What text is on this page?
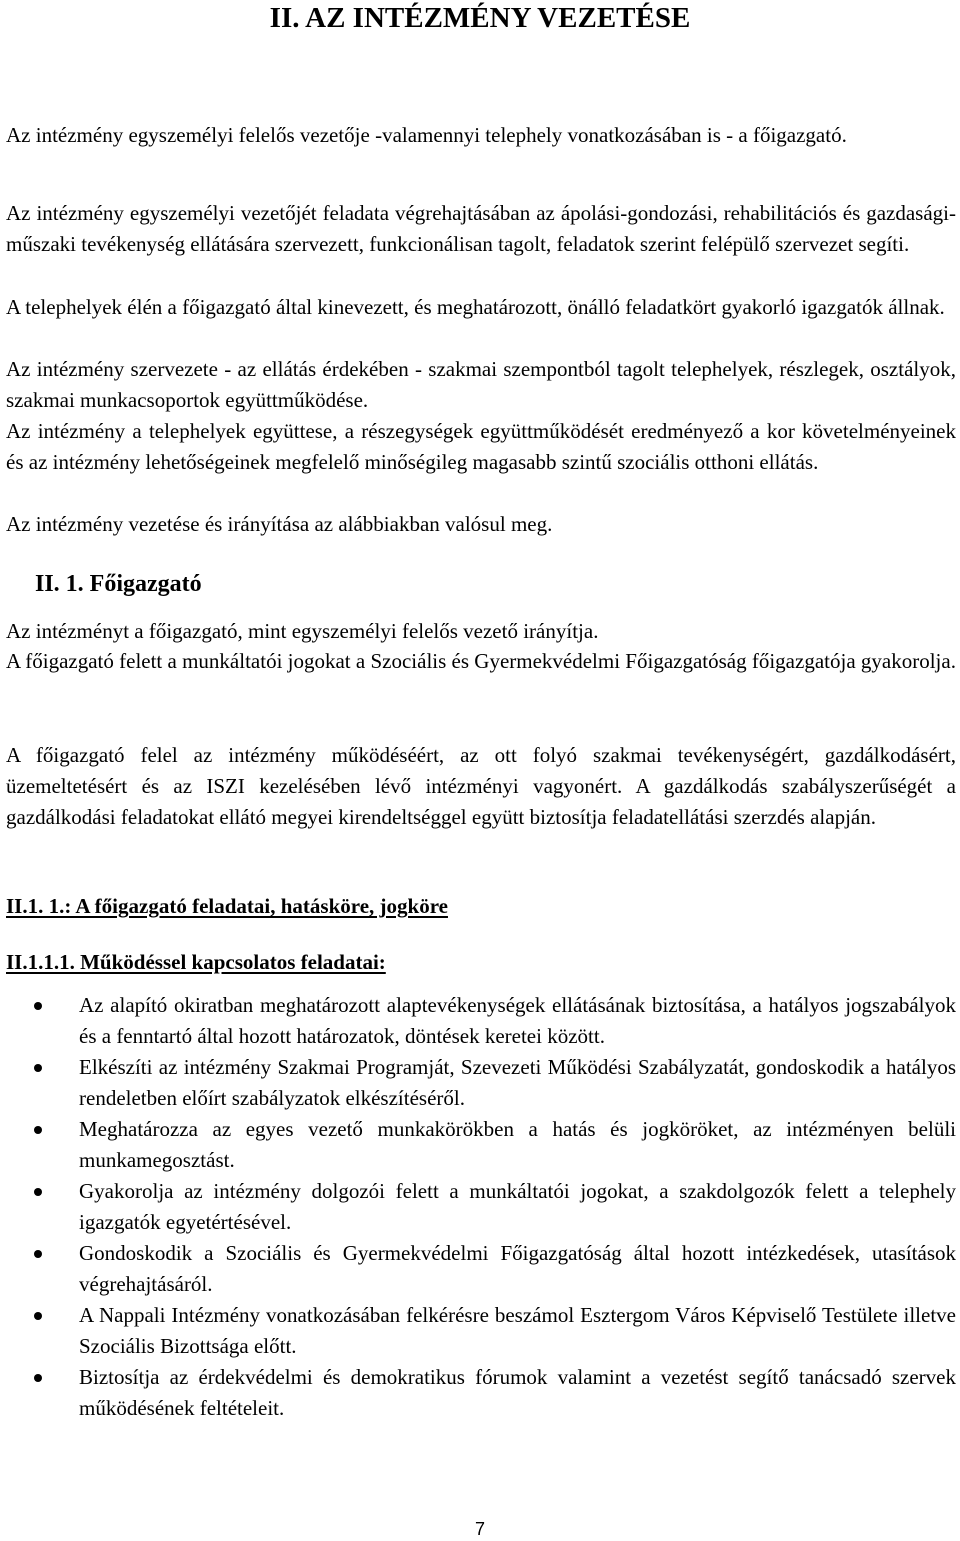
II. AZ INTÉZMÉNY VEZETÉSE

Az intézmény egyszemélyi felelős vezetője -valamennyi telephely vonatkozásában is - a főigazgató.

Az intézmény egyszemélyi vezetőjét feladata végrehajtásában az ápolási-gondozási, rehabilitációs és gazdasági-műszaki tevékenység ellátására szervezett, funkcionálisan tagolt, feladatok szerint felépülő szervezet segíti.

A telephelyek élén a főigazgató által kinevezett, és meghatározott, önálló feladatkört gyakorló igazgatók állnak.

Az intézmény szervezete - az ellátás érdekében - szakmai szempontból tagolt telephelyek, részlegek, osztályok, szakmai munkacsoportok együttműködése.

Az intézmény a telephelyek együttese, a részegységek együttműködését eredményező a kor követelményeinek és az intézmény lehetőségeinek megfelelő minőségileg magasabb szintű szociális otthoni ellátás.

Az intézmény vezetése és irányítása az alábbiakban valósul meg.

II. 1. Főigazgató

Az intézményt a főigazgató, mint egyszemélyi felelős vezető irányítja.

A főigazgató felett a munkáltatói jogokat a Szociális és Gyermekvédelmi Főigazgatóság főigazgatója gyakorolja.

A főigazgató felel az intézmény működéséért, az ott folyó szakmai tevékenységért, gazdálkodásért, üzemeltetésért és az ISZI kezelésében lévő intézményi vagyonért. A gazdálkodás szabályszerűségét a gazdálkodási feladatokat ellátó megyei kirendeltséggel együtt biztosítja feladatellátási szerzdés alapján.

II.1. 1.: A főigazgató feladatai, hatásköre, jogköre
II.1.1.1. Működéssel kapcsolatos feladatai:
Az alapító okiratban meghatározott alaptevékenységek ellátásának biztosítása, a hatályos jogszabályok és a fenntartó által hozott határozatok, döntések keretei között.
Elkészíti az intézmény Szakmai Programját, Szevezeti Működési Szabályzatát, gondoskodik a hatályos rendeletben előírt szabályzatok elkészítéséről.
Meghatározza az egyes vezető munkakörökben a hatás és jogköröket, az intézményen belüli munkamegosztást.
Gyakorolja az intézmény dolgozói felett a munkáltatói jogokat, a szakdolgozók felett a telephely igazgatók egyetértésével.
Gondoskodik a Szociális és Gyermekvédelmi Főigazgatóság által hozott intézkedések, utasítások végrehajtásáról.
A Nappali Intézmény vonatkozásában felkérésre beszámol Esztergom Város Képviselő Testülete illetve Szociális Bizottsága előtt.
Biztosítja az érdekvédelmi és demokratikus fórumok valamint a vezetést segítő tanácsadó szervek működésének feltételeit.
7
